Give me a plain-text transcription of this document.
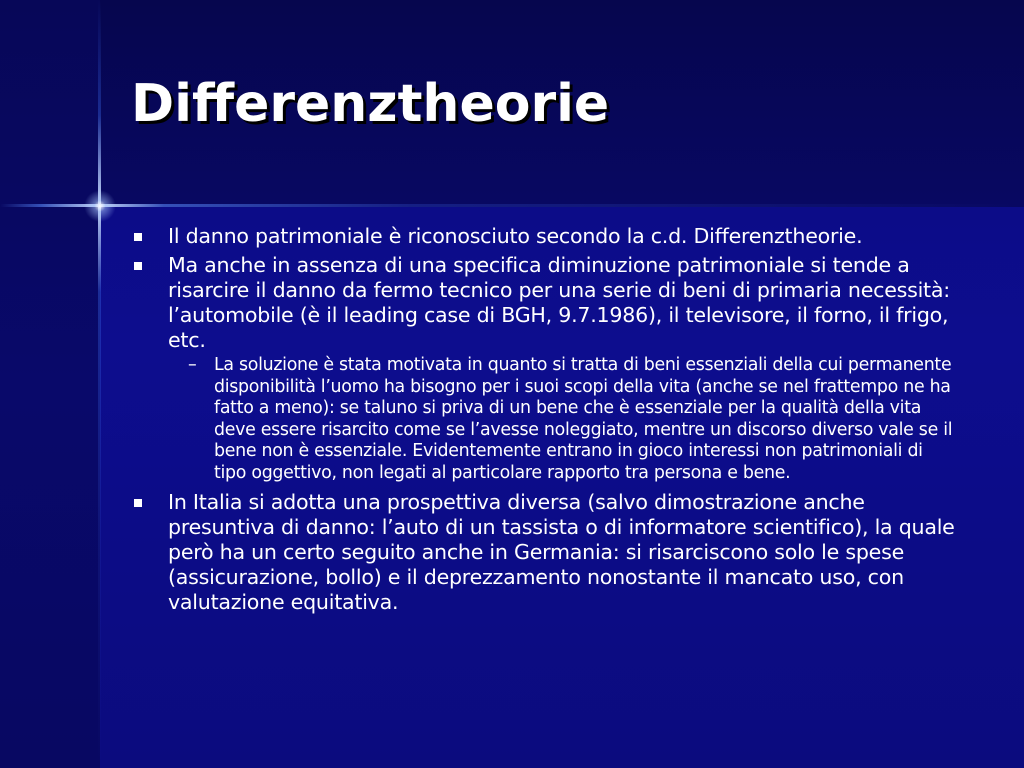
Differenztheorie
Il danno patrimoniale è riconosciuto secondo la c.d. Differenztheorie.
Ma anche in assenza di una specifica diminuzione patrimoniale si tende a risarcire il danno da fermo tecnico per una serie di beni di primaria necessità: l’automobile (è il leading case di BGH, 9.7.1986), il televisore, il forno, il frigo, etc.
– La soluzione è stata motivata in quanto si tratta di beni essenziali della cui permanente disponibilità l’uomo ha bisogno per i suoi scopi della vita (anche se nel frattempo ne ha fatto a meno): se taluno si priva di un bene che è essenziale per la qualità della vita deve essere risarcito come se l’avesse noleggiato, mentre un discorso diverso vale se il bene non è essenziale. Evidentemente entrano in gioco interessi non patrimoniali di tipo oggettivo, non legati al particolare rapporto tra persona e bene.
In Italia si adotta una prospettiva diversa (salvo dimostrazione anche presuntiva di danno: l’auto di un tassista o di informatore scientifico), la quale però ha un certo seguito anche in Germania: si risarciscono solo le spese (assicurazione, bollo) e il deprezzamento nonostante il mancato uso, con valutazione equitativa.
